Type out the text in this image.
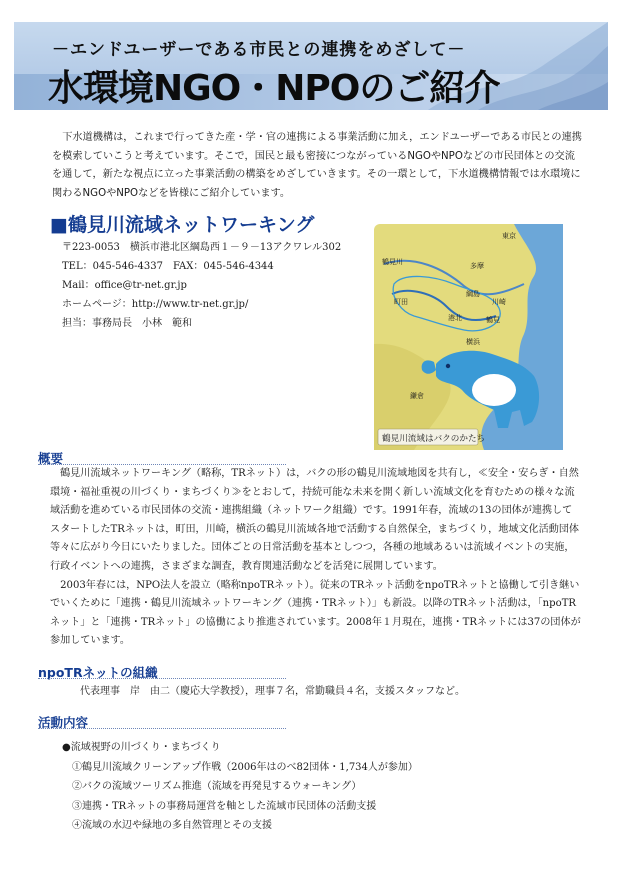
－エンドユーザーである市民との連携をめざして－
水環境NGO・NPOのご紹介

下水道機構は，これまで行ってきた産・学・官の連携による事業活動に加え，エンドユーザーである市民との連携を模索していこうと考えています。そこで，国民と最も密接につながっているNGOやNPOなどの市民団体との交流を通して，新たな視点に立った事業活動の構築をめざしていきます。その一環として，下水道機構情報では水環境に関わるNGOやNPOなどを皆様にご紹介しています。

■鶴見川流域ネットワーキング
〒223-0053　横浜市港北区綱島西１－９－13アクワレル302
TEL：045-546-4337　FAX：045-546-4344
Mail：office@tr-net.gr.jp
ホームページ：http://www.tr-net.gr.jp/
担当：事務局長　小林　範和
鶴見川流域はバクのかたち
東京
鶴見川	多摩
町田	川崎
綱島
港北	鶴見
横浜
鎌倉
概要

鶴見川流域ネットワーキング（略称，TRネット）は，バクの形の鶴見川流域地図を共有し，≪安全・安らぎ・自然環境・福祉重視の川づくり・まちづくり≫をとおして，持続可能な未来を開く新しい流域文化を育むための様々な流域活動を進めている市民団体の交流・連携組織（ネットワーク組織）です。1991年春，流域の13の団体が連携してスタートしたTRネットは，町田，川崎，横浜の鶴見川流域各地で活動する自然保全，まちづくり，地域文化活動団体等々に広がり今日にいたりました。団体ごとの日常活動を基本としつつ，各種の地域あるいは流域イベントの実施，行政イベントへの連携，さまざまな調査，教育関連活動などを活発に展開しています。

2003年春には，NPO法人を設立（略称npoTRネット）。従来のTRネット活動をnpoTRネットと協働して引き継いでいくために「連携・鶴見川流域ネットワーキング（連携・TRネット）」も新設。以降のTRネット活動は，「npoTRネット」と「連携・TRネット」の協働により推進されています。2008年１月現在，連携・TRネットには37の団体が参加しています。

npoTRネットの組織
代表理事　岸　由二（慶応大学教授），理事７名，常勤職員４名，支援スタッフなど。
活動内容
●流域視野の川づくり・まちづくり
①鶴見川流域クリーンアップ作戦（2006年はのべ82団体・1,734人が参加）
②バクの流域ツーリズム推進（流域を再発見するウォーキング）
③連携・TRネットの事務局運営を軸とした流域市民団体の活動支援
④流域の水辺や緑地の多自然管理とその支援
